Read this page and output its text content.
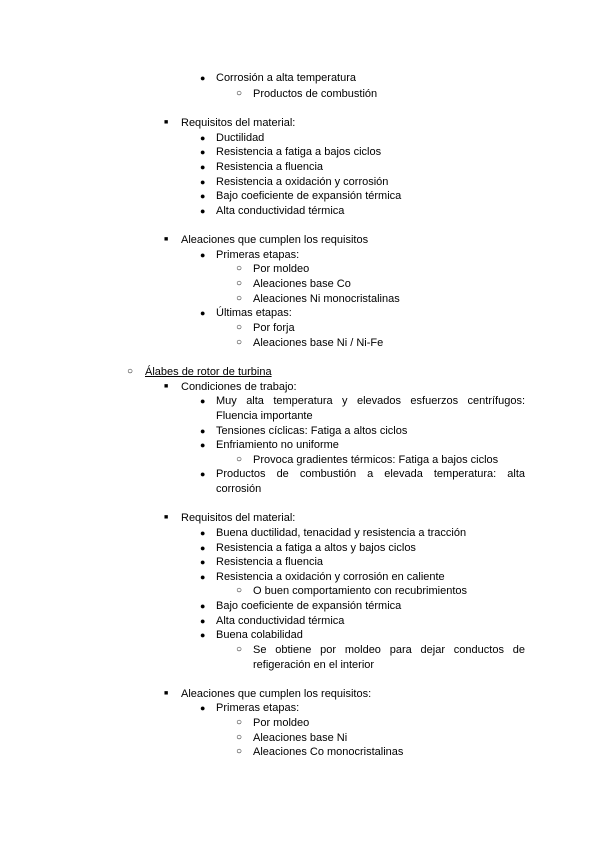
● Corrosión a alta temperatura
○ Productos de combustión
■ Requisitos del material:
● Ductilidad
● Resistencia a fatiga a bajos ciclos
● Resistencia a fluencia
● Resistencia a oxidación y corrosión
● Bajo coeficiente de expansión térmica
● Alta conductividad térmica
■ Aleaciones que cumplen los requisitos
● Primeras etapas:
○ Por moldeo
○ Aleaciones base Co
○ Aleaciones Ni monocristalinas
● Últimas etapas:
○ Por forja
○ Aleaciones base Ni / Ni-Fe
○ Álabes de rotor de turbina
■ Condiciones de trabajo:
● Muy alta temperatura y elevados esfuerzos centrífugos:
Fluencia importante
● Tensiones cíclicas: Fatiga a altos ciclos
● Enfriamiento no uniforme
○ Provoca gradientes térmicos: Fatiga a bajos ciclos
● Productos de combustión a elevada temperatura: alta
corrosión
■ Requisitos del material:
● Buena ductilidad, tenacidad y resistencia a tracción
● Resistencia a fatiga a altos y bajos ciclos
● Resistencia a fluencia
● Resistencia a oxidación y corrosión en caliente
○ O buen comportamiento con recubrimientos
● Bajo coeficiente de expansión térmica
● Alta conductividad térmica
● Buena colabilidad
○ Se obtiene por moldeo para dejar conductos de
refigeración en el interior
■ Aleaciones que cumplen los requisitos:
● Primeras etapas:
○ Por moldeo
○ Aleaciones base Ni
○ Aleaciones Co monocristalinas
